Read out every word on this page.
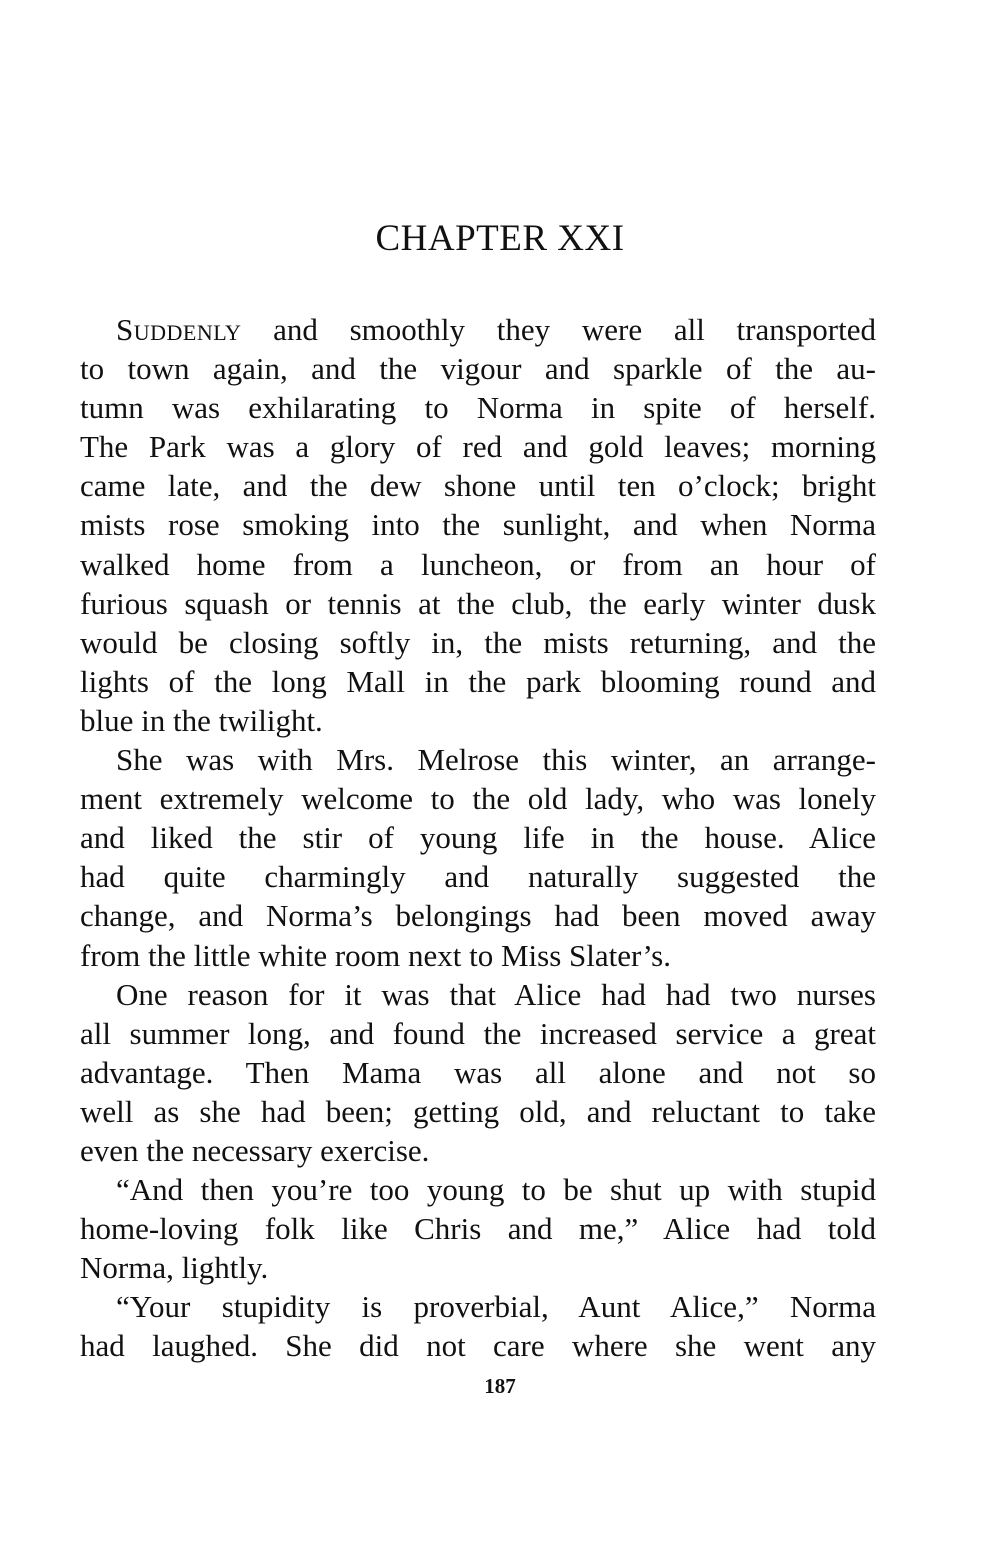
CHAPTER XXI
Suddenly and smoothly they were all transported
to town again, and the vigour and sparkle of the au-
tumn was exhilarating to Norma in spite of herself.
The Park was a glory of red and gold leaves; morning
came late, and the dew shone until ten o’clock; bright
mists rose smoking into the sunlight, and when Norma
walked home from a luncheon, or from an hour of
furious squash or tennis at the club, the early winter dusk
would be closing softly in, the mists returning, and the
lights of the long Mall in the park blooming round and
blue in the twilight.
She was with Mrs. Melrose this winter, an arrange-
ment extremely welcome to the old lady, who was lonely
and liked the stir of young life in the house. Alice
had quite charmingly and naturally suggested the
change, and Norma’s belongings had been moved away
from the little white room next to Miss Slater’s.
One reason for it was that Alice had had two nurses
all summer long, and found the increased service a great
advantage. Then Mama was all alone and not so
well as she had been; getting old, and reluctant to take
even the necessary exercise.
“And then you’re too young to be shut up with stupid
home-loving folk like Chris and me,” Alice had told
Norma, lightly.
“Your stupidity is proverbial, Aunt Alice,” Norma
had laughed. She did not care where she went any
187
